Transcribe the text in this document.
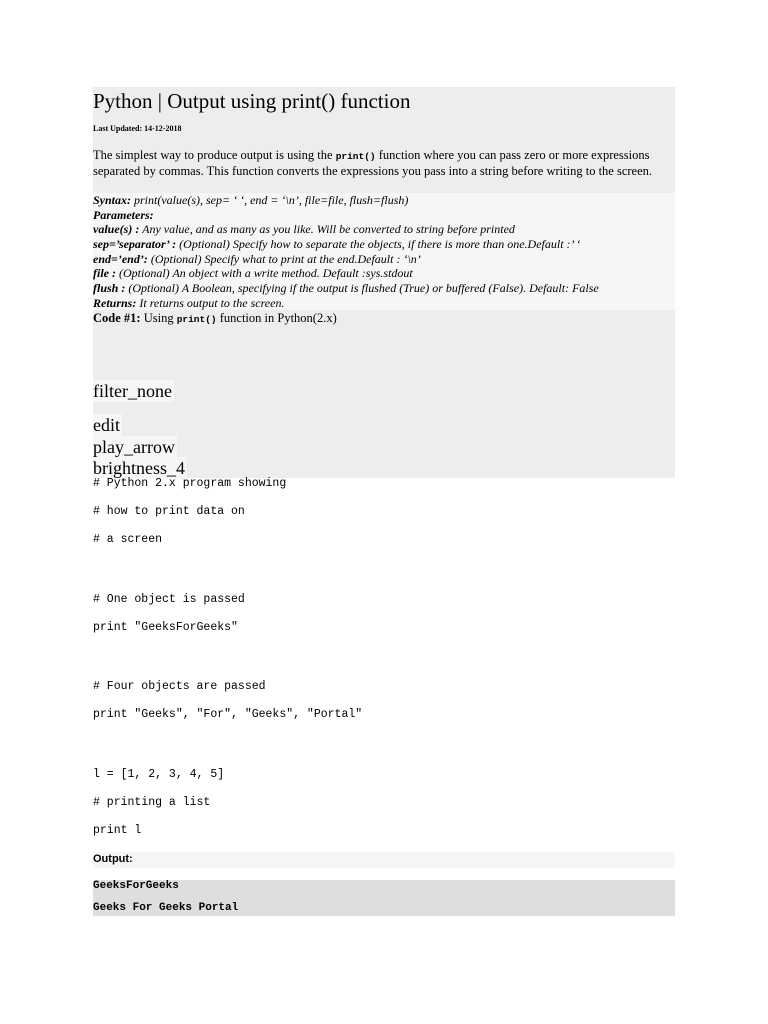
Python | Output using print() function
Last Updated: 14-12-2018
The simplest way to produce output is using the print() function where you can pass zero or more expressions separated by commas. This function converts the expressions you pass into a string before writing to the screen.
Syntax: print(value(s), sep= ‘ ‘, end = ‘\n’, file=file, flush=flush)
Parameters:
value(s) : Any value, and as many as you like. Will be converted to string before printed
sep=’separator’ : (Optional) Specify how to separate the objects, if there is more than one.Default :’ ‘
end=’end’: (Optional) Specify what to print at the end.Default : ‘\n’
file : (Optional) An object with a write method. Default :sys.stdout
flush : (Optional) A Boolean, specifying if the output is flushed (True) or buffered (False). Default: False
Returns: It returns output to the screen.
Code #1: Using print() function in Python(2.x)
filter_none
edit
play_arrow
brightness_4
# Python 2.x program showing
# how to print data on
# a screen
# One object is passed
print "GeeksForGeeks"
# Four objects are passed
print "Geeks", "For", "Geeks", "Portal"
l = [1, 2, 3, 4, 5]
# printing a list
print l
Output:
GeeksForGeeks
Geeks For Geeks Portal
